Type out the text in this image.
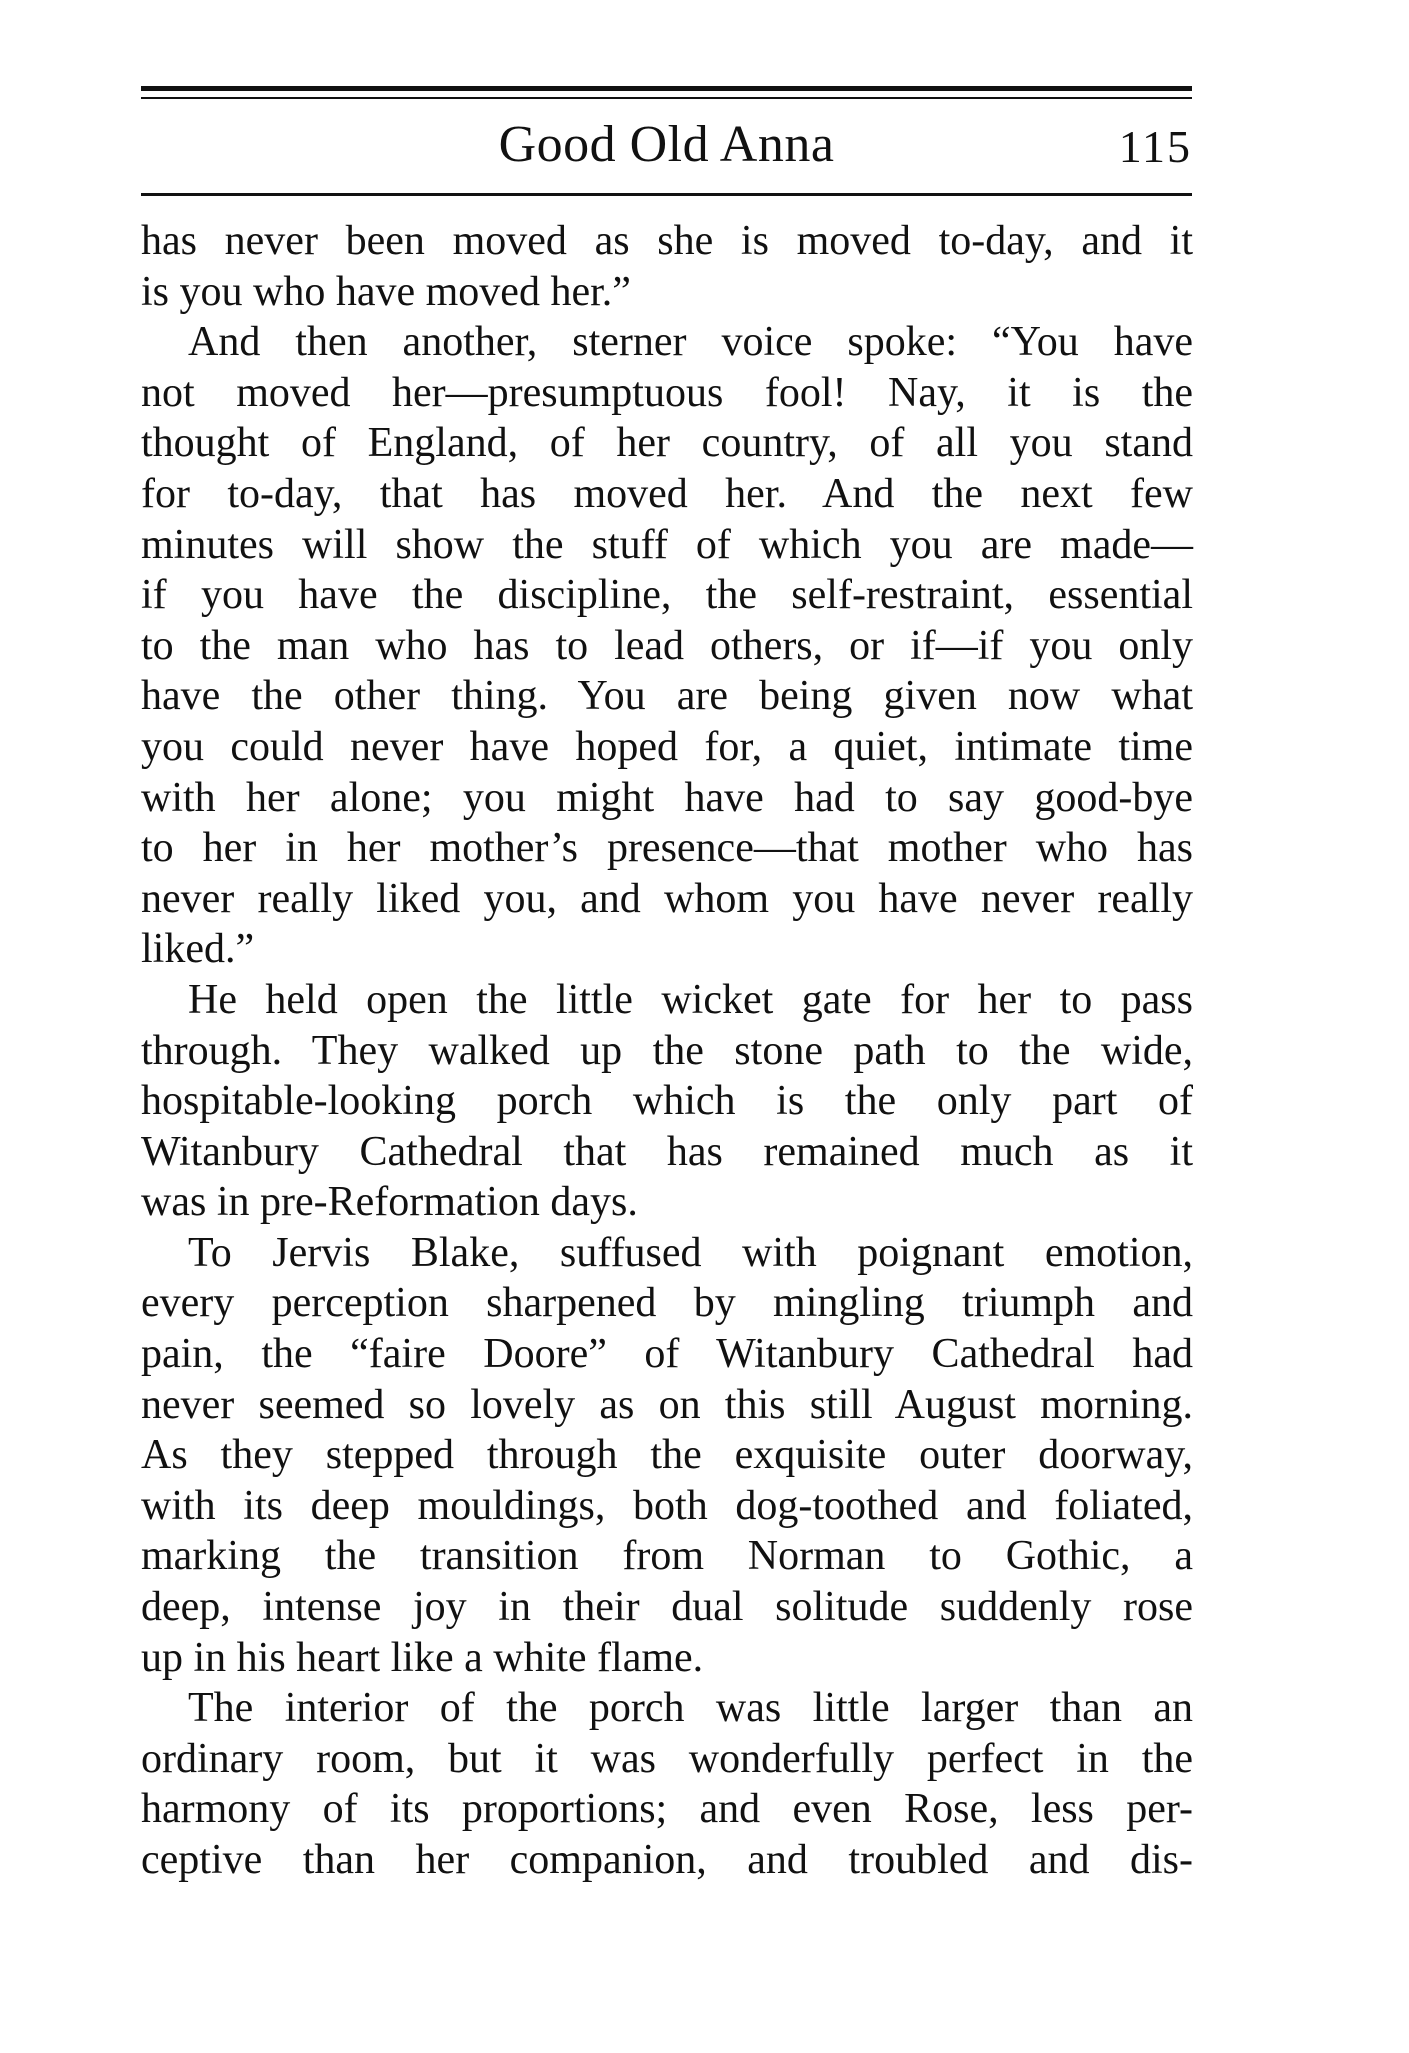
Good Old Anna	115
has never been moved as she is moved to-day, and it
is you who have moved her.”
And then another, sterner voice spoke: “You have
not moved her—presumptuous fool! Nay, it is the
thought of England, of her country, of all you stand
for to-day, that has moved her. And the next few
minutes will show the stuff of which you are made—
if you have the discipline, the self-restraint, essential
to the man who has to lead others, or if—if you only
have the other thing. You are being given now what
you could never have hoped for, a quiet, intimate time
with her alone; you might have had to say good-bye
to her in her mother’s presence—that mother who has
never really liked you, and whom you have never really
liked.”
He held open the little wicket gate for her to pass
through. They walked up the stone path to the wide,
hospitable-looking porch which is the only part of
Witanbury Cathedral that has remained much as it
was in pre-Reformation days.
To Jervis Blake, suffused with poignant emotion,
every perception sharpened by mingling triumph and
pain, the “faire Doore” of Witanbury Cathedral had
never seemed so lovely as on this still August morning.
As they stepped through the exquisite outer doorway,
with its deep mouldings, both dog-toothed and foliated,
marking the transition from Norman to Gothic, a
deep, intense joy in their dual solitude suddenly rose
up in his heart like a white flame.
The interior of the porch was little larger than an
ordinary room, but it was wonderfully perfect in the
harmony of its proportions; and even Rose, less per-
ceptive than her companion, and troubled and dis-
